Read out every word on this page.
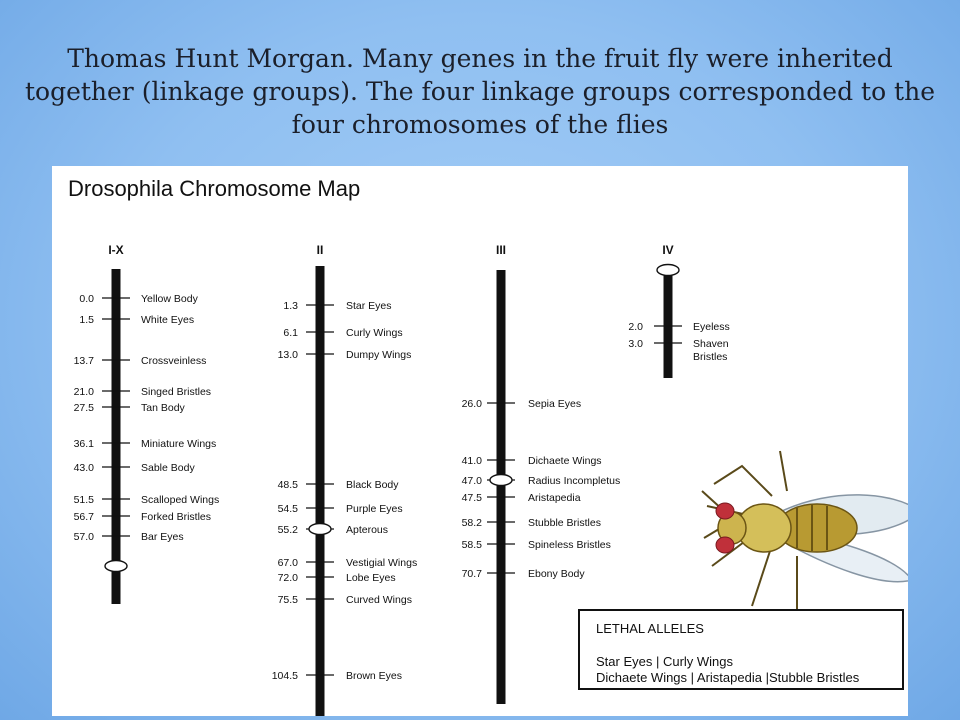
Thomas Hunt Morgan. Many genes in the fruit fly were inherited together (linkage groups). The four linkage groups corresponded to the four chromosomes of the flies
Drosophila Chromosome Map
I-X
0.0	Yellow Body
1.5	White Eyes
13.7	Crossveinless
21.0	Singed Bristles
27.5	Tan Body
36.1	Miniature Wings
43.0	Sable Body
51.5	Scalloped Wings
56.7	Forked Bristles
57.0	Bar Eyes
II
1.3	Star Eyes
6.1	Curly Wings
13.0	Dumpy Wings
48.5	Black Body
54.5	Purple Eyes
55.2	Apterous
67.0	Vestigial Wings
72.0	Lobe Eyes
75.5	Curved Wings
104.5	Brown Eyes
III
26.0	Sepia Eyes
41.0	Dichaete Wings
47.0	Radius Incompletus
47.5	Aristapedia
58.2	Stubble Bristles
58.5	Spineless Bristles
70.7	Ebony Body
IV
2.0	Eyeless
3.0	Shaven
Bristles
LETHAL ALLELES
Star Eyes | Curly Wings
Dichaete Wings | Aristapedia |Stubble Bristles
